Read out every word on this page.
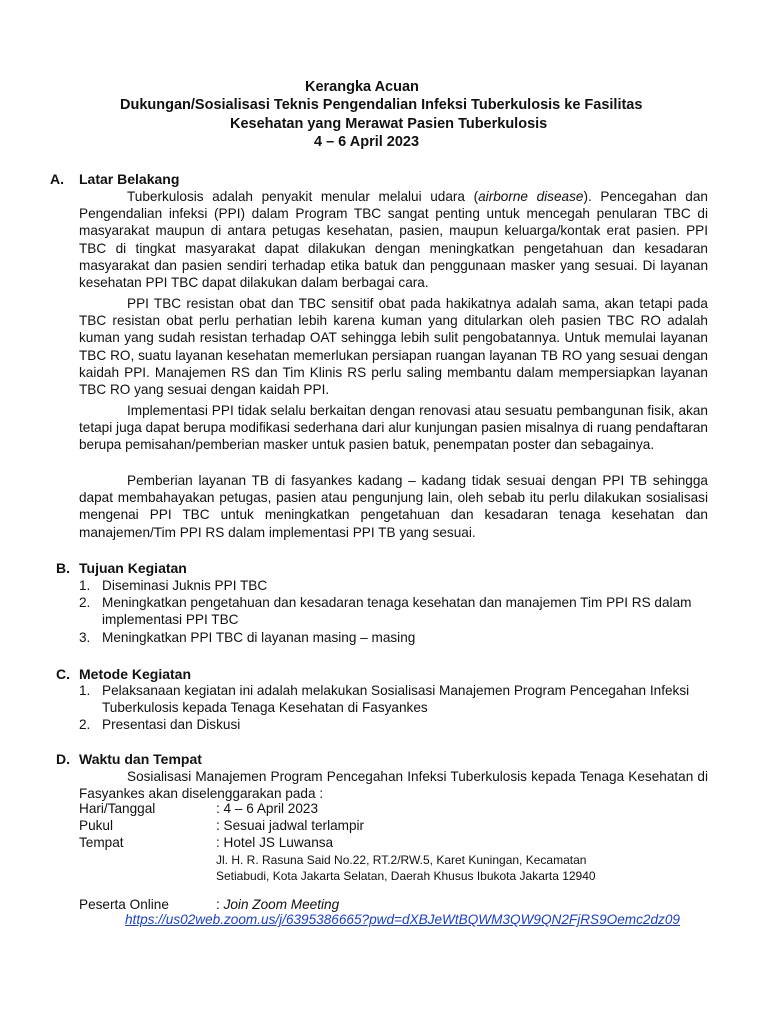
Kerangka Acuan
Dukungan/Sosialisasi Teknis Pengendalian Infeksi Tuberkulosis ke Fasilitas
Kesehatan yang Merawat Pasien Tuberkulosis
4 – 6 April 2023
A. Latar Belakang

Tuberkulosis adalah penyakit menular melalui udara (airborne disease). Pencegahan dan Pengendalian infeksi (PPI) dalam Program TBC sangat penting untuk mencegah penularan TBC di masyarakat maupun di antara petugas kesehatan, pasien, maupun keluarga/kontak erat pasien. PPI TBC di tingkat masyarakat dapat dilakukan dengan meningkatkan pengetahuan dan kesadaran masyarakat dan pasien sendiri terhadap etika batuk dan penggunaan masker yang sesuai. Di layanan kesehatan PPI TBC dapat dilakukan dalam berbagai cara.

PPI TBC resistan obat dan TBC sensitif obat pada hakikatnya adalah sama, akan tetapi pada TBC resistan obat perlu perhatian lebih karena kuman yang ditularkan oleh pasien TBC RO adalah kuman yang sudah resistan terhadap OAT sehingga lebih sulit pengobatannya. Untuk memulai layanan TBC RO, suatu layanan kesehatan memerlukan persiapan ruangan layanan TB RO yang sesuai dengan kaidah PPI. Manajemen RS dan Tim Klinis RS perlu saling membantu dalam mempersiapkan layanan TBC RO yang sesuai dengan kaidah PPI.

Implementasi PPI tidak selalu berkaitan dengan renovasi atau sesuatu pembangunan fisik, akan tetapi juga dapat berupa modifikasi sederhana dari alur kunjungan pasien misalnya di ruang pendaftaran berupa pemisahan/pemberian masker untuk pasien batuk, penempatan poster dan sebagainya.

Pemberian layanan TB di fasyankes kadang – kadang tidak sesuai dengan PPI TB sehingga dapat membahayakan petugas, pasien atau pengunjung lain, oleh sebab itu perlu dilakukan sosialisasi mengenai PPI TBC untuk meningkatkan pengetahuan dan kesadaran tenaga kesehatan dan manajemen/Tim PPI RS dalam implementasi PPI TB yang sesuai.

B. Tujuan Kegiatan
1. Diseminasi Juknis PPI TBC
2. Meningkatkan pengetahuan dan kesadaran tenaga kesehatan dan manajemen Tim PPI RS dalam implementasi PPI TBC
3. Meningkatkan PPI TBC di layanan masing – masing
C. Metode Kegiatan
1. Pelaksanaan kegiatan ini adalah melakukan Sosialisasi Manajemen Program Pencegahan Infeksi Tuberkulosis kepada Tenaga Kesehatan di Fasyankes
2. Presentasi dan Diskusi
D. Waktu dan Tempat

Sosialisasi Manajemen Program Pencegahan Infeksi Tuberkulosis kepada Tenaga Kesehatan di Fasyankes akan diselenggarakan pada :

Hari/Tanggal	: 4 – 6 April 2023
Pukul	: Sesuai jadwal terlampir
Tempat	: Hotel JS Luwansa
Jl. H. R. Rasuna Said No.22, RT.2/RW.5, Karet Kuningan, Kecamatan
Setiabudi, Kota Jakarta Selatan, Daerah Khusus Ibukota Jakarta 12940
Peserta Online	: Join Zoom Meeting
https://us02web.zoom.us/j/6395386665?pwd=dXBJeWtBQWM3QW9QN2FjRS9Oemc2dz09
